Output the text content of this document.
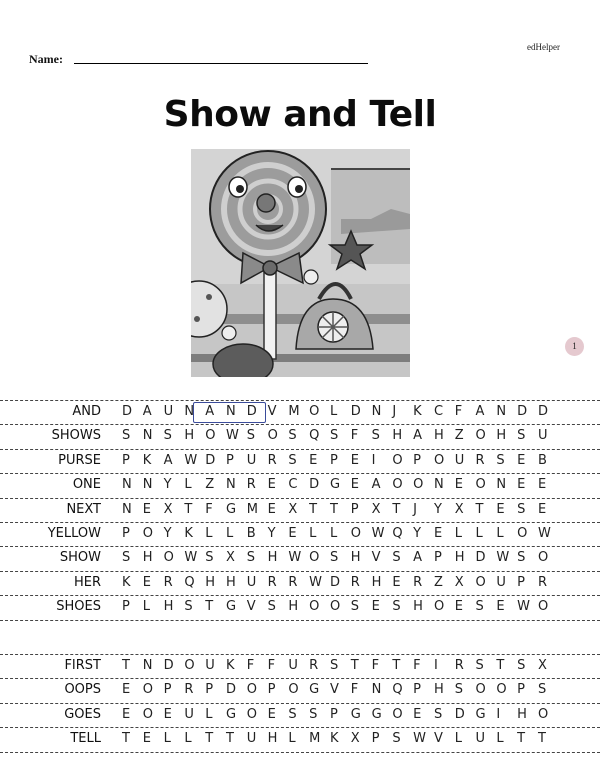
edHelper
Name:
Show and Tell
1
AND D A U N A N D V M O L	D N J	K C F	A N D D
SHOWS S N S H O W S O S Q S F	S H A H Z O H S U
PURSE P K A W D P U R S E P E I	O P O U R S E B
ONE N N Y L	Z N R E C D G E A O O N E O N E E
NEXT N E X T F	G M E X T T P X T J	Y X T E S E
YELLOW P O Y K L	L	B Y E L	L	O W Q Y E L	L	L	O W
SHOW S H O W S X S H W O S H V S A P H D W S O
HER K E R Q H H U R R W D R H E R Z X O U P R
SHOES P L	H S T G V S H O O S E S H O E S E W O
FIRST T N D O U K F	F	U R S T F	T F	I	R S T S X
OOPS E O P R P D O P O G V F	N Q P H S O O P S
GOES E O E U L	G O E S S P G G O E S D G I	H O
TELL T E L	L	T T U H L	M K X P S W V L	U L	T T
